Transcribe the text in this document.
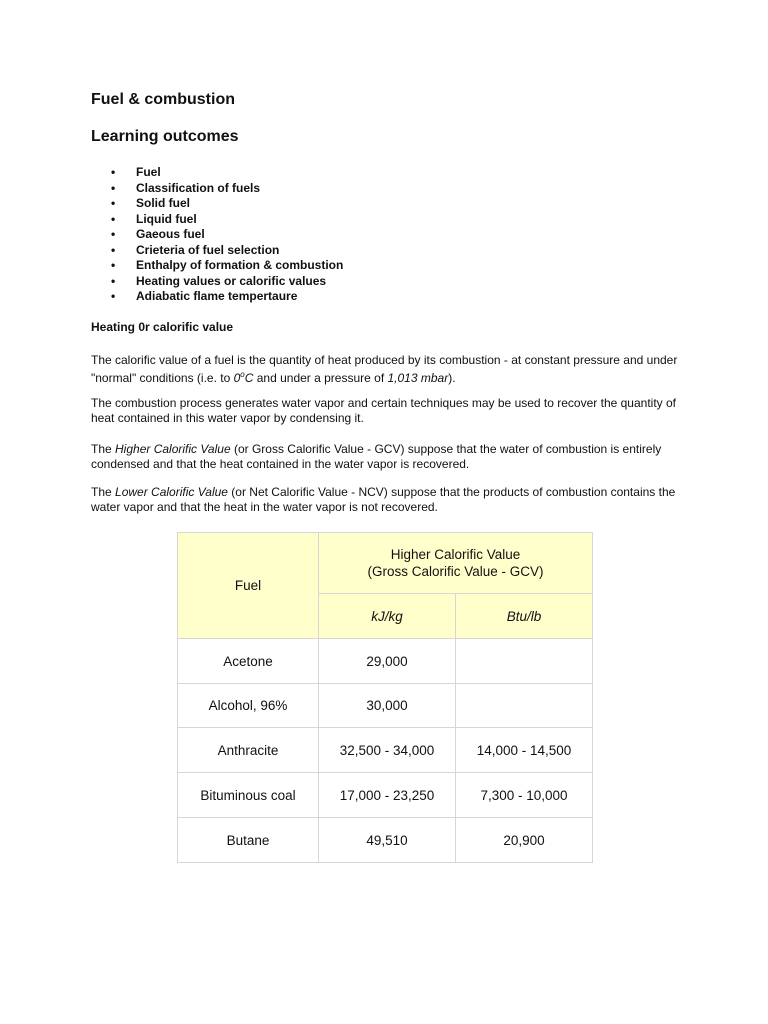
Fuel & combustion
Learning outcomes
• Fuel
• Classification of fuels
• Solid fuel
• Liquid fuel
• Gaeous fuel
• Crieteria of fuel selection
• Enthalpy of formation & combustion
• Heating values or calorific values
• Adiabatic flame tempertaure
Heating 0r calorific value

The calorific value of a fuel is the quantity of heat produced by its combustion - at constant pressure and under "normal" conditions (i.e. to 0$^o$C and under a pressure of 1,013 mbar).

The combustion process generates water vapor and certain techniques may be used to recover the quantity of heat contained in this water vapor by condensing it.

The Higher Calorific Value (or Gross Calorific Value - GCV) suppose that the water of combustion is entirely condensed and that the heat contained in the water vapor is recovered.

The Lower Calorific Value (or Net Calorific Value - NCV) suppose that the products of combustion contains the water vapor and that the heat in the water vapor is not recovered.

Fuel	Higher Calorific Value
(Gross Calorific Value - GCV)	
	kJ/kg	Btu/lb
Acetone	29,000	
Alcohol, 96%	30,000	
Anthracite	32,500 - 34,000	14,000 - 14,500
Bituminous coal	17,000 - 23,250	7,300 - 10,000
Butane	49,510	20,900
